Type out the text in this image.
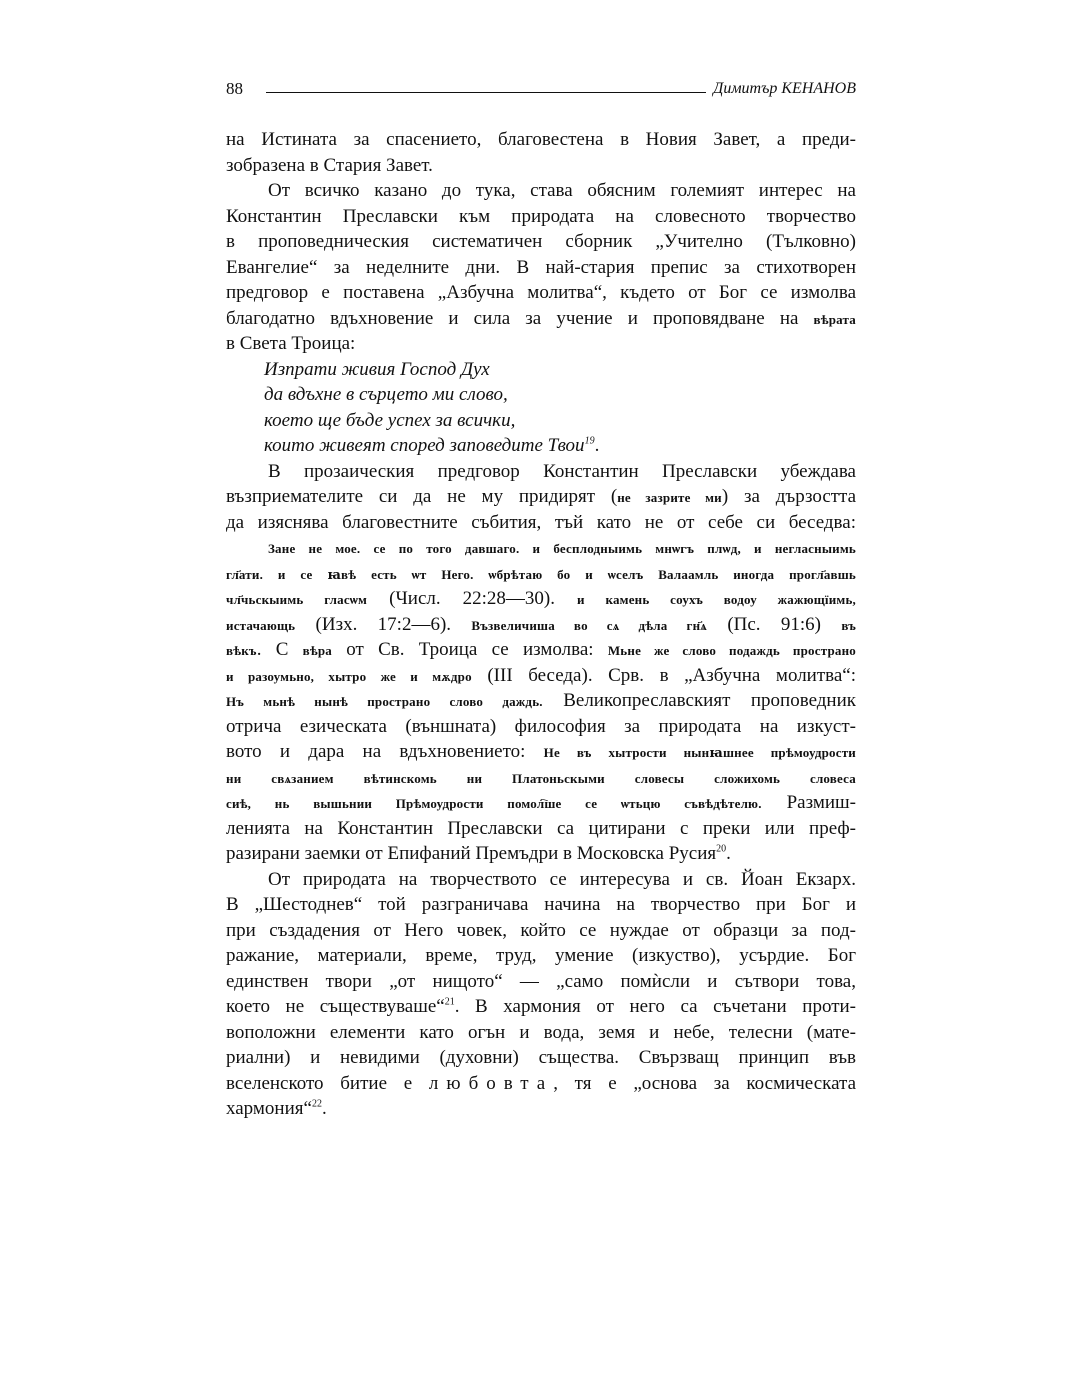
88	Димитър КЕНАНОВ
на Истината за спасението, благовестена в Новия Завет, а преди-
зобразена в Стария Завет.
От всичко казано до тука, става обясним големият интерес на
Константин Преславски към природата на словесното творчество
в проповедническия систематичен сборник „Учително (Тълковно)
Евангелие“ за неделните дни. В най-стария препис за стихотворен
предговор е поставена „Азбучна молитва“, където от Бог се измолва
благодатно вдъхновение и сила за учение и проповядване на вѣрата
в Света Троица:
Изпрати живия Господ Дух
да вдъхне в сърцето ми слово,
което ще бъде успех за всички,
които живеят според заповедите Твои$^{19}$.
В прозаическия предговор Константин Преславски убеждава
възприемателите си да не му придирят (не зазрите ми) за дързостта
да изяснява благовестните събития, тъй като не от себе си беседва:
Зане не мое. се по того давшаго. и бесплодныимь мнѡгъ плѡд, и негласныимь
гл҃ати. и се ꙗвѣ есть ѡт Него. ѡбрѣтаю бо и ѡселъ Валаамль иногда прогл҃авшь
чл҃чьскыимь гласѡм (Числ. 22:28—30). и камень соухъ водоу жажющїимь,
истачающь (Изх. 17:2—6). Възвеличиша во сѧ дѣла гн҃ѧ (Пс. 91:6) въ
вѣкъ. С вѣра от Св. Троица се измолва: Мьне же слово подаждь пространо
и разоумьно, хытро же и мѫдро (III беседа). Срв. в „Азбучна молитва“:
Нъ мьнѣ нынѣ пространо слово даждь. Великопреславският проповедник
отрича езическата (външната) философия за природата на изкуст-
вото и дара на вдъхновението: Не въ хытрости нынꙗшнее прѣмоудрости
ни свѧзанием вѣтинскомь ни Платоньскыми словесы сложихомь словеса
сиѣ, нь вышьнии Прѣмоудрости помол҇ше се ѡтьцю съвѣдѣтелю. Размиш-
ленията на Константин Преславски са цитирани с преки или преф-
разирани заемки от Епифаний Премъдри в Московска Русия$^{20}$.
От природата на творчеството се интересува и св. Йоан Екзарх.
В „Шестоднев“ той разграничава начина на творчество при Бог и
при създадения от Него човек, който се нуждае от образци за под-
ражание, материали, време, труд, умение (изкуство), усърдие. Бог
единствен твори „от нищото“ — „само помѝсли и сътвори това,
което не съществуваше“$^{21}$. В хармония от него са съчетани проти-
воположни елементи като огън и вода, земя и небе, телесни (мате-
риални) и невидими (духовни) същества. Свързващ принцип във
вселенското битие е любовта, тя е „основа за космическата
хармония“$^{22}$.
